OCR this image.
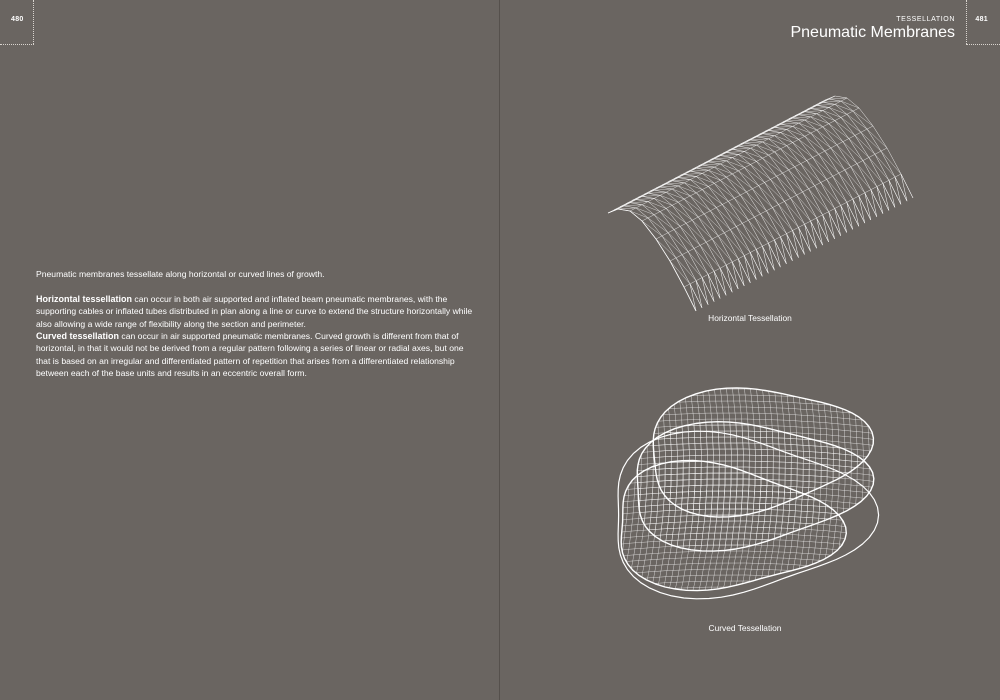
480

Pneumatic membranes tessellate along horizontal or curved lines of growth.

Horizontal tessellation can occur in both air supported and inflated beam pneumatic membranes, with the supporting cables or inflated tubes distributed in plan along a line or curve to extend the structure horizontally while also allowing a wide range of flexibility along the section and perimeter.

Curved tessellation can occur in air supported pneumatic membranes. Curved growth is different from that of horizontal, in that it would not be derived from a regular pattern following a series of linear or radial axes, but one that is based on an irregular and differentiated pattern of repetition that arises from a differentiated relationship between each of the base units and results in an eccentric overall form.

TESSELLATION
Pneumatic Membranes
481
Horizontal Tessellation
Curved Tessellation
